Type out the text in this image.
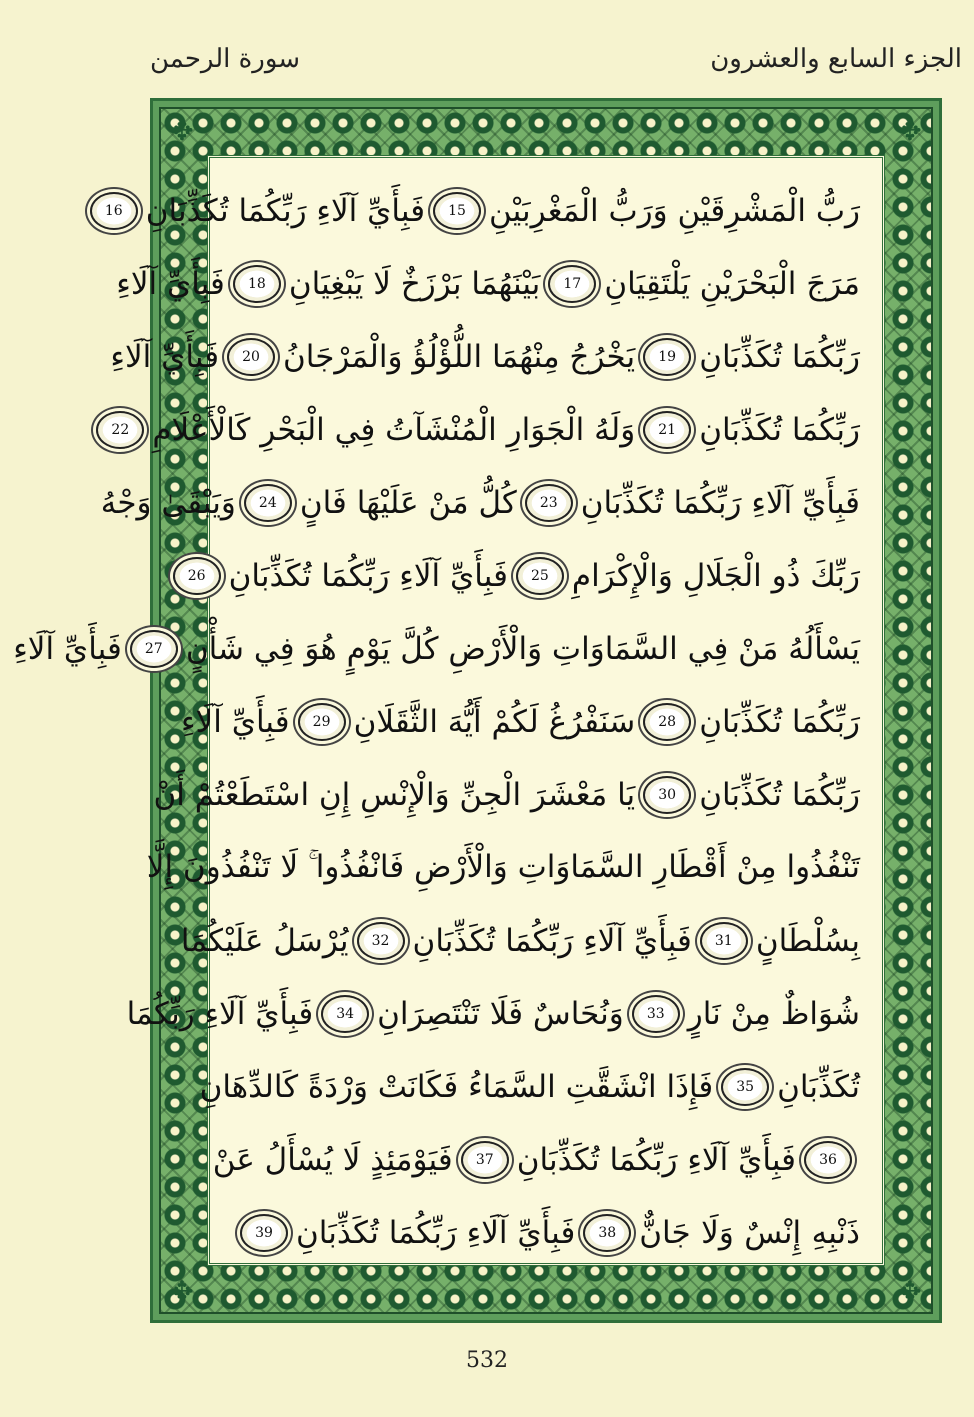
سورة الرحمن	الجزء السابع والعشرون
✥	✥
✥	✥
رَبُّ الْمَشْرِقَيْنِ وَرَبُّ الْمَغْرِبَيْنِ
15
فَبِأَيِّ آلَاءِ رَبِّكُمَا تُكَذِّبَانِ
16
مَرَجَ الْبَحْرَيْنِ يَلْتَقِيَانِ
17
بَيْنَهُمَا بَرْزَخٌ لَا يَبْغِيَانِ
18
فَبِأَيِّ آلَاءِ
رَبِّكُمَا تُكَذِّبَانِ
19
يَخْرُجُ مِنْهُمَا اللُّؤْلُؤُ وَالْمَرْجَانُ
20
فَبِأَيِّ آلَاءِ
رَبِّكُمَا تُكَذِّبَانِ
21
وَلَهُ الْجَوَارِ الْمُنْشَآتُ فِي الْبَحْرِ كَالْأَعْلَامِ
22
فَبِأَيِّ آلَاءِ رَبِّكُمَا تُكَذِّبَانِ
23
كُلُّ مَنْ عَلَيْهَا فَانٍ
24
وَيَبْقَىٰ وَجْهُ
رَبِّكَ ذُو الْجَلَالِ وَالْإِكْرَامِ
25
فَبِأَيِّ آلَاءِ رَبِّكُمَا تُكَذِّبَانِ
26
يَسْأَلُهُ مَنْ فِي السَّمَاوَاتِ وَالْأَرْضِ كُلَّ يَوْمٍ هُوَ فِي شَأْنٍ
27
فَبِأَيِّ آلَاءِ
رَبِّكُمَا تُكَذِّبَانِ
28
سَنَفْرُغُ لَكُمْ أَيُّهَ الثَّقَلَانِ
29
فَبِأَيِّ آلَاءِ
رَبِّكُمَا تُكَذِّبَانِ
30
يَا مَعْشَرَ الْجِنِّ وَالْإِنْسِ إِنِ اسْتَطَعْتُمْ أَنْ
تَنْفُذُوا مِنْ أَقْطَارِ السَّمَاوَاتِ وَالْأَرْضِ فَانْفُذُوا ۚ لَا تَنْفُذُونَ إِلَّا
بِسُلْطَانٍ
31
فَبِأَيِّ آلَاءِ رَبِّكُمَا تُكَذِّبَانِ
32
يُرْسَلُ عَلَيْكُمَا
شُوَاظٌ مِنْ نَارٍ
33
وَنُحَاسٌ فَلَا تَنْتَصِرَانِ
34
فَبِأَيِّ آلَاءِ رَبِّكُمَا
تُكَذِّبَانِ
35
فَإِذَا انْشَقَّتِ السَّمَاءُ فَكَانَتْ وَرْدَةً كَالدِّهَانِ
36
فَبِأَيِّ آلَاءِ رَبِّكُمَا تُكَذِّبَانِ
37
فَيَوْمَئِذٍ لَا يُسْأَلُ عَنْ
ذَنْبِهِ إِنْسٌ وَلَا جَانٌّ
38
فَبِأَيِّ آلَاءِ رَبِّكُمَا تُكَذِّبَانِ
39
532
